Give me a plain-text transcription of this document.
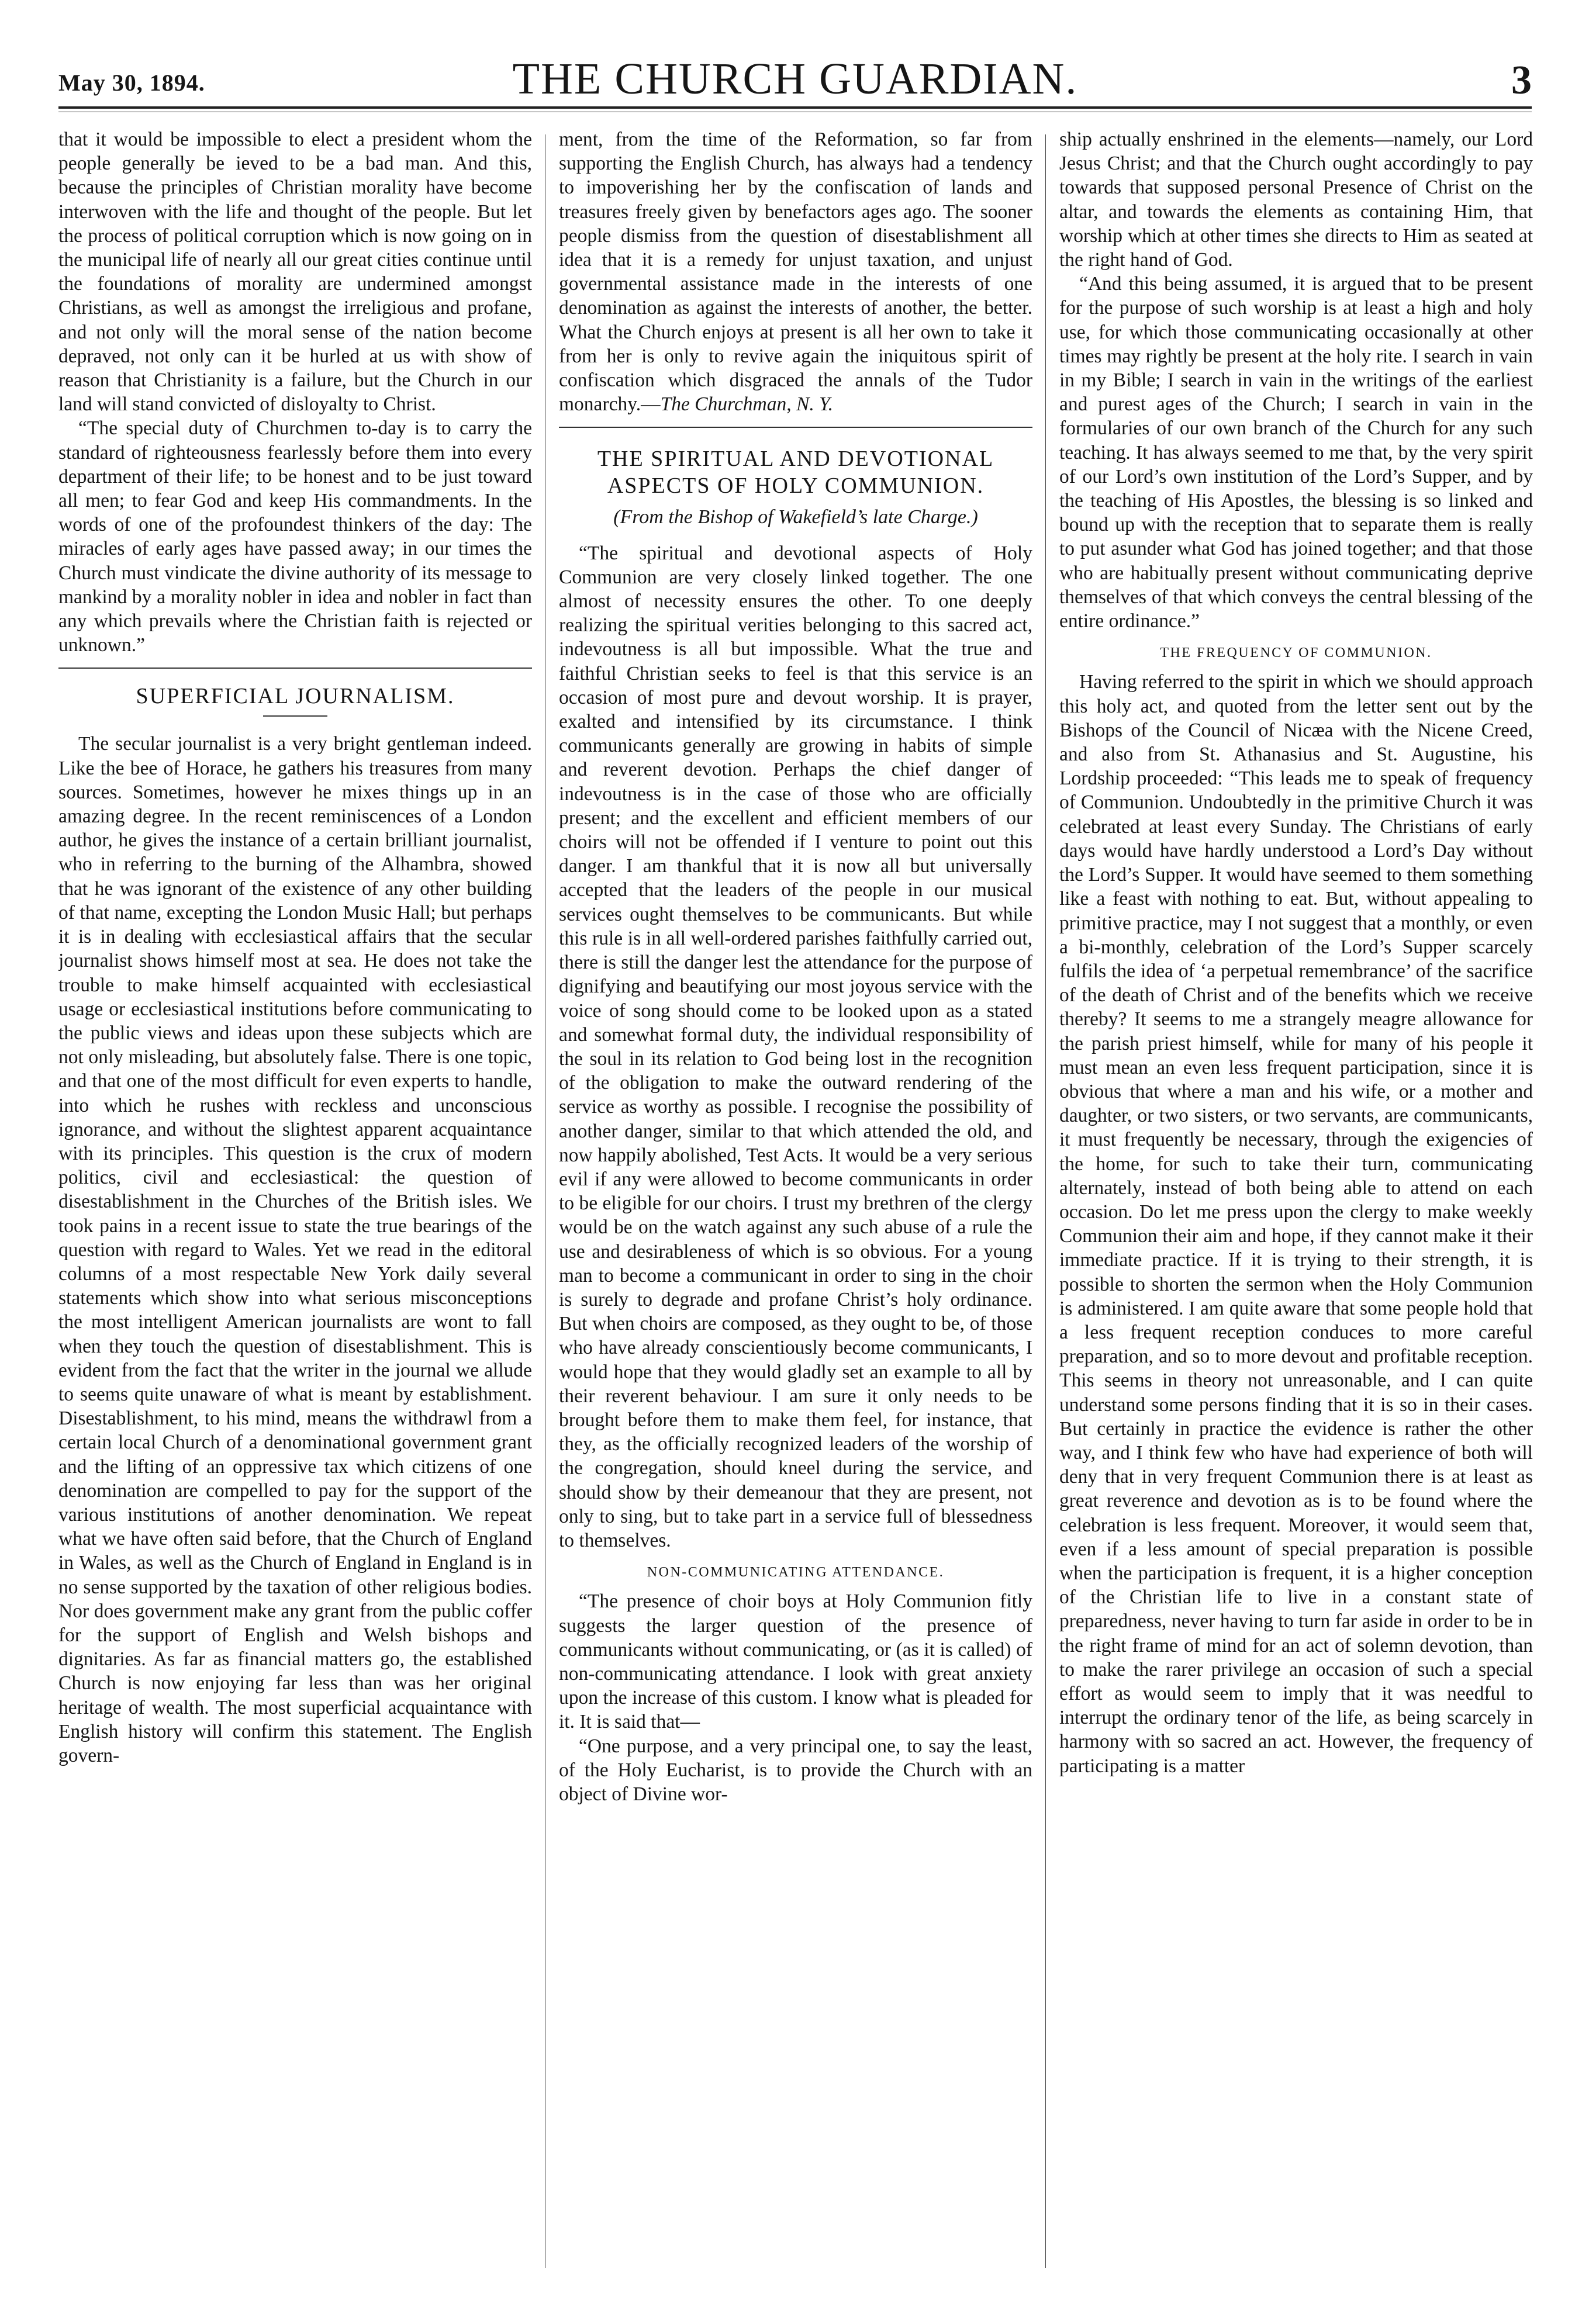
May 30, 1894.	THE CHURCH GUARDIAN.	3

that it would be impossible to elect a president whom the people generally be ieved to be a bad man. And this, because the principles of Christian morality have become interwoven with the life and thought of the people. But let the process of political corruption which is now going on in the municipal life of nearly all our great cities continue until the foundations of morality are undermined amongst Christians, as well as amongst the irreligious and profane, and not only will the moral sense of the nation become depraved, not only can it be hurled at us with show of reason that Christianity is a failure, but the Church in our land will stand convicted of disloyalty to Christ.

“The special duty of Churchmen to-day is to carry the standard of righteousness fearlessly before them into every department of their life; to be honest and to be just toward all men; to fear God and keep His commandments. In the words of one of the profoundest thinkers of the day: The miracles of early ages have passed away; in our times the Church must vindicate the divine authority of its message to mankind by a morality nobler in idea and nobler in fact than any which prevails where the Christian faith is rejected or unknown.”

SUPERFICIAL JOURNALISM.

The secular journalist is a very bright gentleman indeed. Like the bee of Horace, he gathers his treasures from many sources. Sometimes, however he mixes things up in an amazing degree. In the recent reminiscences of a London author, he gives the instance of a certain brilliant journalist, who in referring to the burning of the Alhambra, showed that he was ignorant of the existence of any other building of that name, excepting the London Music Hall; but perhaps it is in dealing with ecclesiastical affairs that the secular journalist shows himself most at sea. He does not take the trouble to make himself acquainted with ecclesiastical usage or ecclesiastical institutions before communicating to the public views and ideas upon these subjects which are not only misleading, but absolutely false. There is one topic, and that one of the most difficult for even experts to handle, into which he rushes with reckless and unconscious ignorance, and without the slightest apparent acquaintance with its principles. This question is the crux of modern politics, civil and ecclesiastical: the question of disestablishment in the Churches of the British isles. We took pains in a recent issue to state the true bearings of the question with regard to Wales. Yet we read in the editoral columns of a most respectable New York daily several statements which show into what serious misconceptions the most intelligent American journalists are wont to fall when they touch the question of disestablishment. This is evident from the fact that the writer in the journal we allude to seems quite unaware of what is meant by establishment. Disestablishment, to his mind, means the withdrawl from a certain local Church of a denominational government grant and the lifting of an oppressive tax which citizens of one denomination are compelled to pay for the support of the various institutions of another denomination. We repeat what we have often said before, that the Church of England in Wales, as well as the Church of England in England is in no sense supported by the taxation of other religious bodies. Nor does government make any grant from the public coffer for the support of English and Welsh bishops and dignitaries. As far as financial matters go, the established Church is now enjoying far less than was her original heritage of wealth. The most superficial acquaintance with English history will confirm this statement. The English govern-

ment, from the time of the Reformation, so far from supporting the English Church, has always had a tendency to impoverishing her by the confiscation of lands and treasures freely given by benefactors ages ago. The sooner people dismiss from the question of disestablishment all idea that it is a remedy for unjust taxation, and unjust governmental assistance made in the interests of one denomination as against the interests of another, the better. What the Church enjoys at present is all her own to take it from her is only to revive again the iniquitous spirit of confiscation which disgraced the annals of the Tudor monarchy.—The Churchman, N. Y.

THE SPIRITUAL AND DEVOTIONAL ASPECTS OF HOLY COMMUNION.
(From the Bishop of Wakefield’s late Charge.)

“The spiritual and devotional aspects of Holy Communion are very closely linked together. The one almost of necessity ensures the other. To one deeply realizing the spiritual verities belonging to this sacred act, indevoutness is all but impossible. What the true and faithful Christian seeks to feel is that this service is an occasion of most pure and devout worship. It is prayer, exalted and intensified by its circumstance. I think communicants generally are growing in habits of simple and reverent devotion. Perhaps the chief danger of indevoutness is in the case of those who are officially present; and the excellent and efficient members of our choirs will not be offended if I venture to point out this danger. I am thankful that it is now all but universally accepted that the leaders of the people in our musical services ought themselves to be communicants. But while this rule is in all well-ordered parishes faithfully carried out, there is still the danger lest the attendance for the purpose of dignifying and beautifying our most joyous service with the voice of song should come to be looked upon as a stated and somewhat formal duty, the individual responsibility of the soul in its relation to God being lost in the recognition of the obligation to make the outward rendering of the service as worthy as possible. I recognise the possibility of another danger, similar to that which attended the old, and now happily abolished, Test Acts. It would be a very serious evil if any were allowed to become communicants in order to be eligible for our choirs. I trust my brethren of the clergy would be on the watch against any such abuse of a rule the use and desirableness of which is so obvious. For a young man to become a communicant in order to sing in the choir is surely to degrade and profane Christ’s holy ordinance. But when choirs are composed, as they ought to be, of those who have already conscientiously become communicants, I would hope that they would gladly set an example to all by their reverent behaviour. I am sure it only needs to be brought before them to make them feel, for instance, that they, as the officially recognized leaders of the worship of the congregation, should kneel during the service, and should show by their demeanour that they are present, not only to sing, but to take part in a service full of blessedness to themselves.

NON-COMMUNICATING ATTENDANCE.

“The presence of choir boys at Holy Communion fitly suggests the larger question of the presence of communicants without communicating, or (as it is called) of non-communicating attendance. I look with great anxiety upon the increase of this custom. I know what is pleaded for it. It is said that—

“One purpose, and a very principal one, to say the least, of the Holy Eucharist, is to provide the Church with an object of Divine wor-

ship actually enshrined in the elements—namely, our Lord Jesus Christ; and that the Church ought accordingly to pay towards that supposed personal Presence of Christ on the altar, and towards the elements as containing Him, that worship which at other times she directs to Him as seated at the right hand of God.

“And this being assumed, it is argued that to be present for the purpose of such worship is at least a high and holy use, for which those communicating occasionally at other times may rightly be present at the holy rite. I search in vain in my Bible; I search in vain in the writings of the earliest and purest ages of the Church; I search in vain in the formularies of our own branch of the Church for any such teaching. It has always seemed to me that, by the very spirit of our Lord’s own institution of the Lord’s Supper, and by the teaching of His Apostles, the blessing is so linked and bound up with the reception that to separate them is really to put asunder what God has joined together; and that those who are habitually present without communicating deprive themselves of that which conveys the central blessing of the entire ordinance.”

THE FREQUENCY OF COMMUNION.

Having referred to the spirit in which we should approach this holy act, and quoted from the letter sent out by the Bishops of the Council of Nicæa with the Nicene Creed, and also from St. Athanasius and St. Augustine, his Lordship proceeded: “This leads me to speak of frequency of Communion. Undoubtedly in the primitive Church it was celebrated at least every Sunday. The Christians of early days would have hardly understood a Lord’s Day without the Lord’s Supper. It would have seemed to them something like a feast with nothing to eat. But, without appealing to primitive practice, may I not suggest that a monthly, or even a bi-monthly, celebration of the Lord’s Supper scarcely fulfils the idea of ‘a perpetual remembrance’ of the sacrifice of the death of Christ and of the benefits which we receive thereby? It seems to me a strangely meagre allowance for the parish priest himself, while for many of his people it must mean an even less frequent participation, since it is obvious that where a man and his wife, or a mother and daughter, or two sisters, or two servants, are communicants, it must frequently be necessary, through the exigencies of the home, for such to take their turn, communicating alternately, instead of both being able to attend on each occasion. Do let me press upon the clergy to make weekly Communion their aim and hope, if they cannot make it their immediate practice. If it is trying to their strength, it is possible to shorten the sermon when the Holy Communion is administered. I am quite aware that some people hold that a less frequent reception conduces to more careful preparation, and so to more devout and profitable reception. This seems in theory not unreasonable, and I can quite understand some persons finding that it is so in their cases. But certainly in practice the evidence is rather the other way, and I think few who have had experience of both will deny that in very frequent Communion there is at least as great reverence and devotion as is to be found where the celebration is less frequent. Moreover, it would seem that, even if a less amount of special preparation is possible when the participation is frequent, it is a higher conception of the Christian life to live in a constant state of preparedness, never having to turn far aside in order to be in the right frame of mind for an act of solemn devotion, than to make the rarer privilege an occasion of such a special effort as would seem to imply that it was needful to interrupt the ordinary tenor of the life, as being scarcely in harmony with so sacred an act. However, the frequency of participating is a matter
